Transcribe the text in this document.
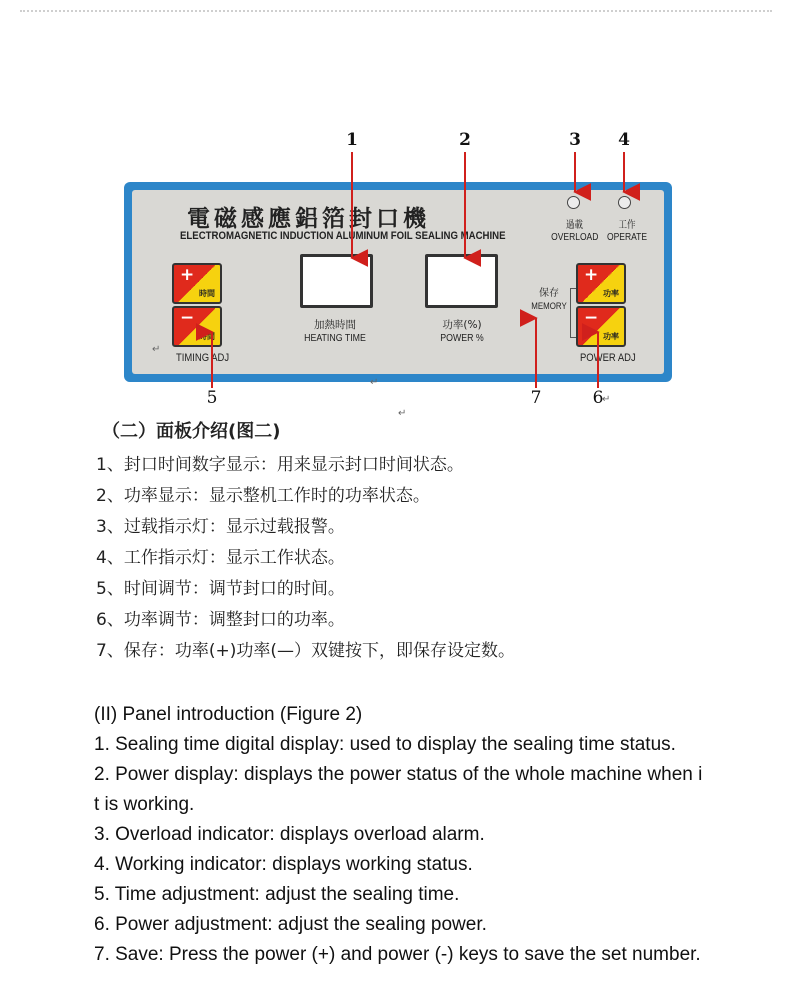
電磁感應鋁箔封口機
ELECTROMAGNETIC INDUCTION ALUMINUM FOIL SEALING MACHINE
過載
OVERLOAD
工作
OPERATE
+
時間
−
時間
↵
TIMING ADJ
加熱時間
HEATING TIME
功率(%)
POWER %
保存
MEMORY
+
功率
−
功率
POWER ADJ
1	2	3 4
5	7	6
↵
↵
↵
（二）面板介绍(图二)
1、封口时间数字显示：用来显示封口时间状态。
2、功率显示：显示整机工作时的功率状态。
3、过载指示灯：显示过载报警。
4、工作指示灯：显示工作状态。
5、时间调节：调节封口的时间。
6、功率调节：调整封口的功率。
7、保存：功率(+)功率(—）双键按下，即保存设定数。
(II) Panel introduction (Figure 2)
1. Sealing time digital display: used to display the sealing time status.
2. Power display: displays the power status of the whole machine when i
t is working.
3. Overload indicator: displays overload alarm.
4. Working indicator: displays working status.
5. Time adjustment: adjust the sealing time.
6. Power adjustment: adjust the sealing power.
7. Save: Press the power (+) and power (-) keys to save the set number.
